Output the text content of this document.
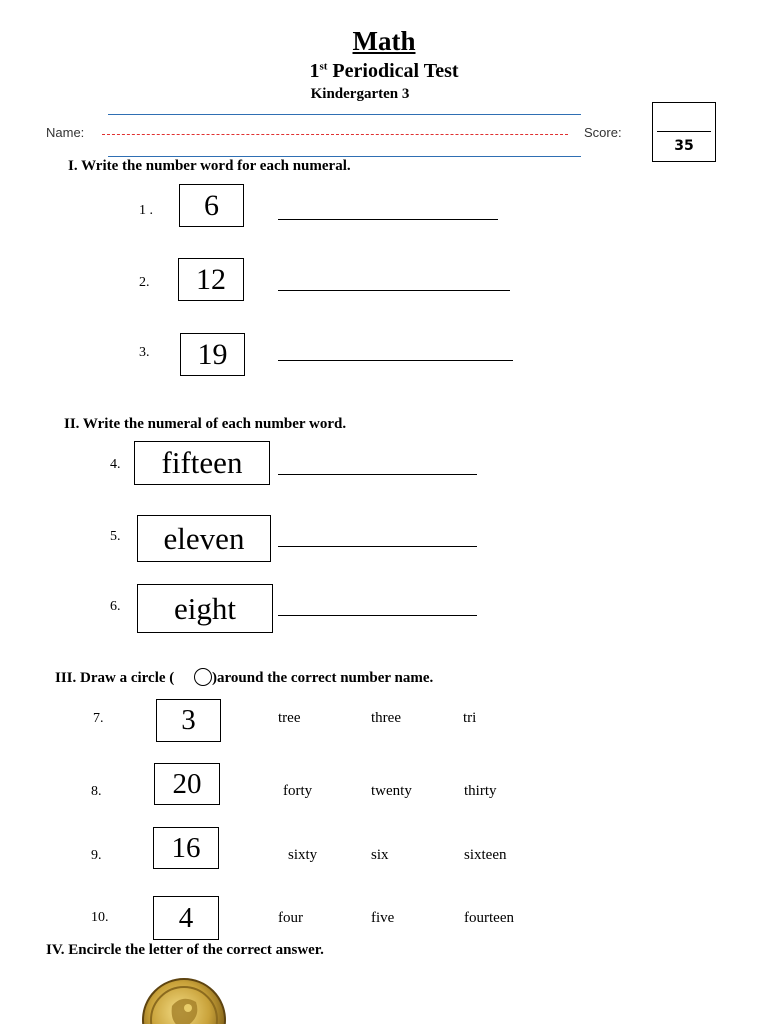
Math
1st Periodical Test
Kindergarten 3
Name:	Score:
35
I. Write the number word for each numeral.
1 .	6
2.	12
3.	19
II. Write the numeral of each number word.
4.	fifteen
5.	eleven
6.	eight
III. Draw a circle (	)around the correct number name.
7.	3	tree	three	tri
8.	20	forty	twenty	thirty
9.	16	sixty	six	sixteen
10.	4	four	five	fourteen
IV. Encircle the letter of the correct answer.
